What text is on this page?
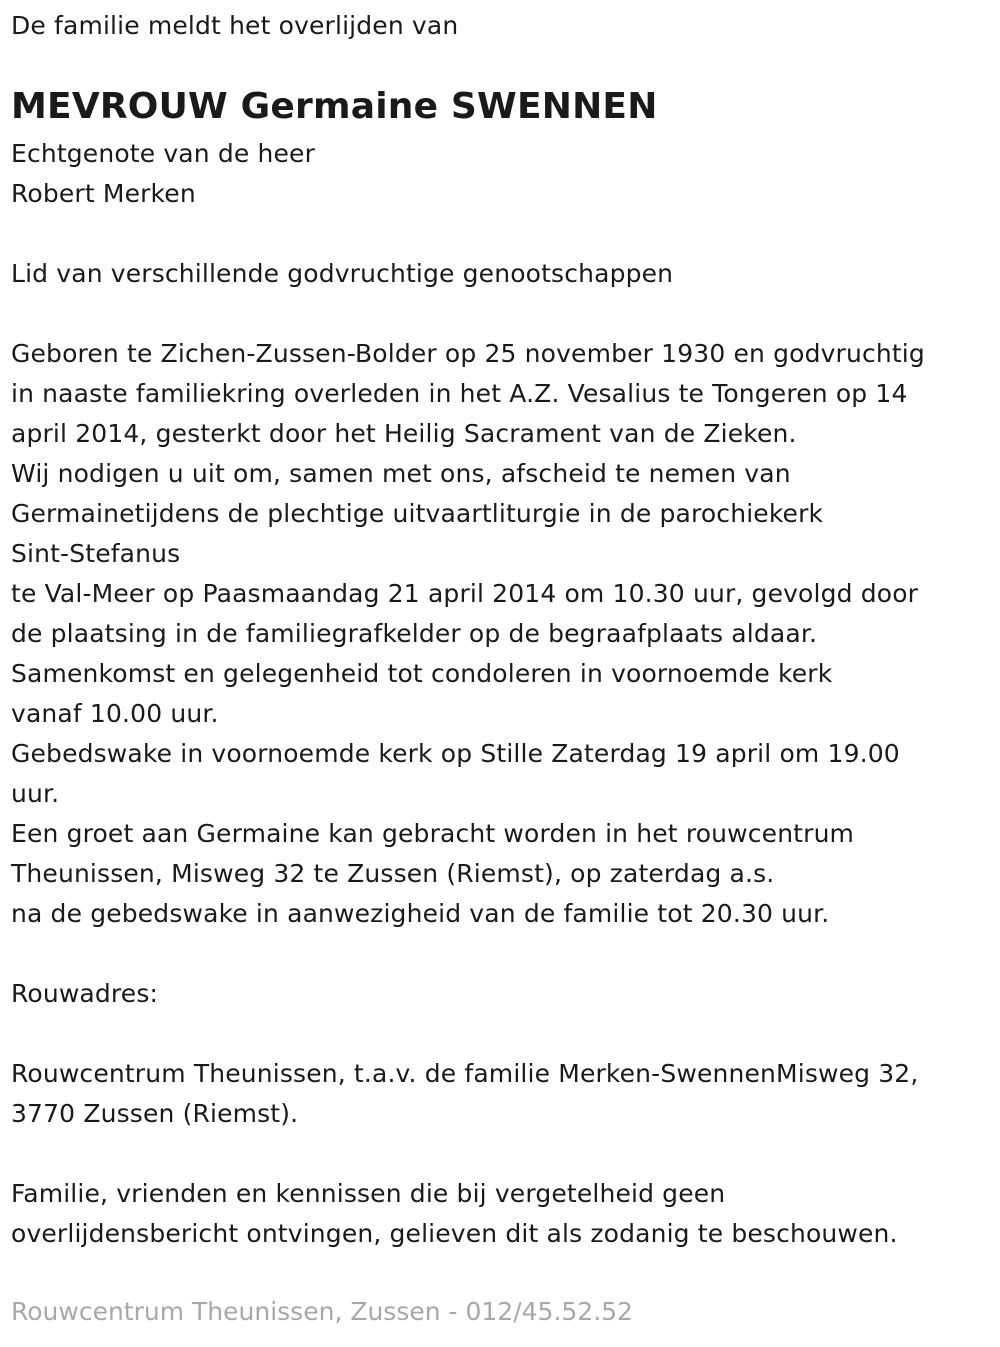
De familie meldt het overlijden van
MEVROUW Germaine SWENNEN
Echtgenote van de heer
Robert Merken
Lid van verschillende godvruchtige genootschappen
Geboren te Zichen-Zussen-Bolder op 25 november 1930 en godvruchtig
in naaste familiekring overleden in het A.Z. Vesalius te Tongeren op 14
april 2014, gesterkt door het Heilig Sacrament van de Zieken.
Wij nodigen u uit om, samen met ons, afscheid te nemen van
Germainetijdens de plechtige uitvaartliturgie in de parochiekerk
Sint-Stefanus
te Val-Meer op Paasmaandag 21 april 2014 om 10.30 uur, gevolgd door
de plaatsing in de familiegrafkelder op de begraafplaats aldaar.
Samenkomst en gelegenheid tot condoleren in voornoemde kerk
vanaf 10.00 uur.
Gebedswake in voornoemde kerk op Stille Zaterdag 19 april om 19.00
uur.
Een groet aan Germaine kan gebracht worden in het rouwcentrum
Theunissen, Misweg 32 te Zussen (Riemst), op zaterdag a.s.
na de gebedswake in aanwezigheid van de familie tot 20.30 uur.
Rouwadres:
Rouwcentrum Theunissen, t.a.v. de familie Merken-SwennenMisweg 32,
3770 Zussen (Riemst).
Familie, vrienden en kennissen die bij vergetelheid geen
overlijdensbericht ontvingen, gelieven dit als zodanig te beschouwen.
Rouwcentrum Theunissen, Zussen - 012/45.52.52
